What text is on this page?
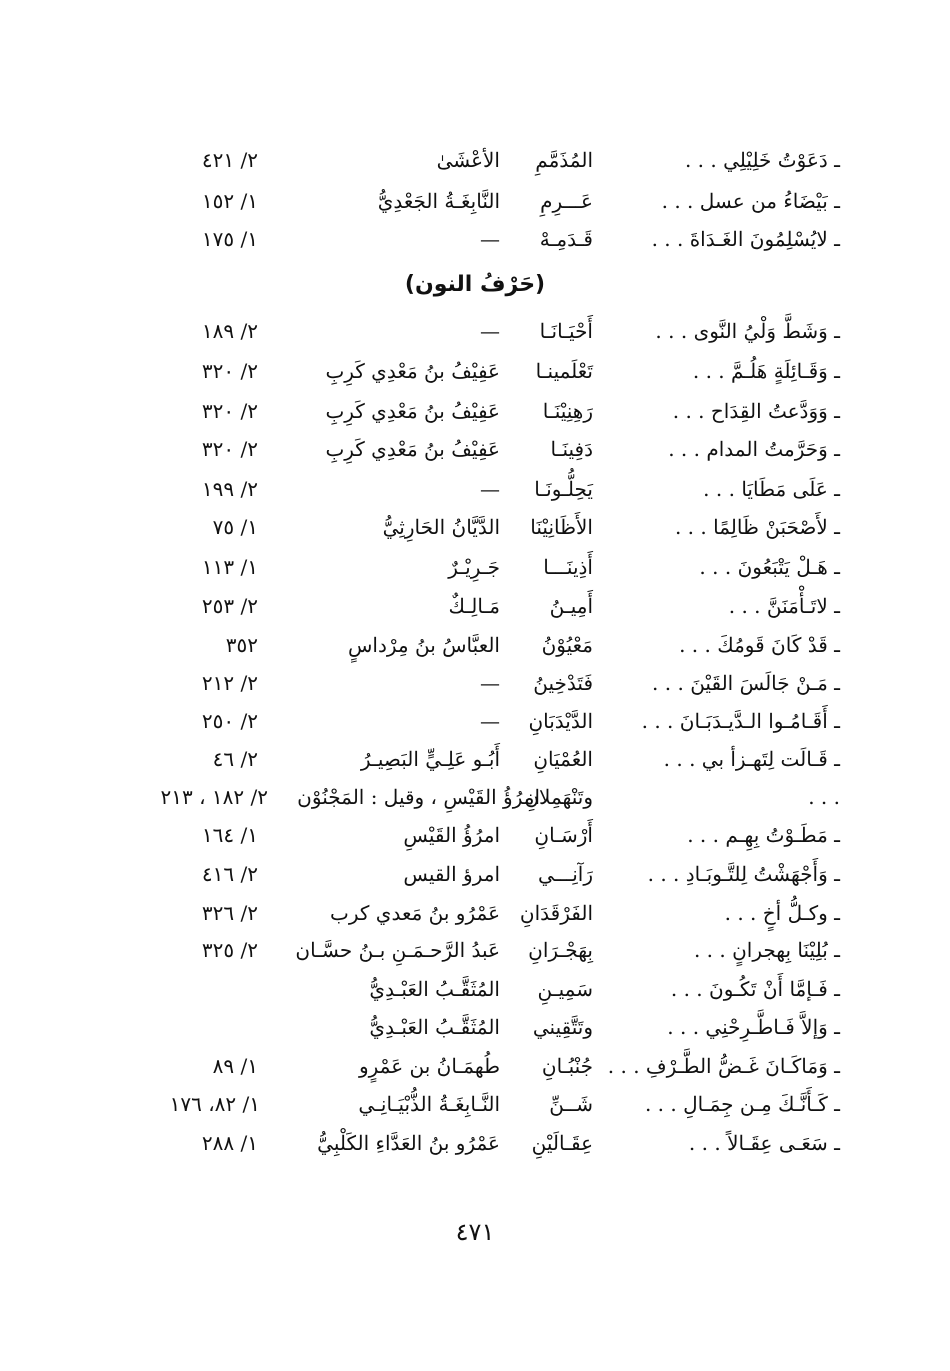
ـ دَعَوْتُ خَلِيْلِي . . .
المُذَمَّمِ
الأعْشَىٰ
٢/ ٤٢١
ـ بَيْضَاءُ من عسل . . .
عَـــرِمِ
النَّابِغَـةُ الجَعْدِيُّ
١/ ١٥٢
ـ لايُسْلِمُونَ الغَـدَاةَ . . .
قَـدَمِـهْ
—
١/ ١٧٥
(حَرْفُ النون)
ـ وَشَطَّ وَلْيُ النَّوى . . .
أَحْيَـانَـا
—
٢/ ١٨٩
ـ وَقَـائِلَةٍ هَلُـمَّ . . .
تَعْلَمينـا
عَفِيْفُ بنُ مَعْدِي كَرِبِ
٢/ ٣٢٠
ـ وَوَدَّعتُ القِدَاح . . .
رَهِنِيْنَـا
عَفِيْفُ بنُ مَعْدِي كَرِبِ
٢/ ٣٢٠
ـ وَحَرَّمتُ المدام . . .
دَفِينَـا
عَفِيْفُ بنُ مَعْدِي كَرِبِ
٢/ ٣٢٠
ـ عَلَى مَطَايَا . . .
يَحِلُّـونَـا
—
٢/ ١٩٩
ـ لأَصْحَبَنْ ظَالِمًا . . .
الأَظَانِيْنَا
الدَّيَّانُ الحَارِثِيُّ
١/ ٧٥
ـ هَـلْ يَتْبَعُونَ . . .
أَذِينَـــا
جَـرِيْـرٌ
١/ ١١٣
ـ لاتَـأْمَنَنَّ . . .
أَمِيـنُ
مَـالِـكٌ
٢/ ٢٥٣
ـ قَدْ كَانَ قَومُكَ . . .
مَعْيُوْنُ
العبَّاسُ بنُ مِرْداسٍ
٣٥٢
ـ مَـنْ جَالَسَ القَيْنَ . . .
فَتَدْخِينُ
—
٢/ ٢١٢
ـ أَقَـامُـوا الـدَّيـدَبَـانَ . . .
الدَّيْدَبَانِ
—
٢/ ٢٥٠
ـ قَـالَت لِتَهـزأ بي . . .
العُمْيَانِ
أَبُـو عَلِـيٍّ البَصِيـرُ
٢/ ٤٦
. . .
وتَنْهَمِلانِ
امرُؤُ القَيْسِ ، وقيل : المَجْنُوْن
٢/ ١٨٢ ، ٢١٣
ـ مَطَـوْتُ بِهِـم . . .
أَرْسَـانِ
امرُؤُ القَيْسِ
١/ ١٦٤
ـ وَأَجْهَشْتُ لِلتَّـوبَـادِ . . .
رَآنِـــي
امرؤ القيس
٢/ ٤١٦
ـ وكـلُّ أخٍ . . .
الفَرْقَدَانِ
عَمْرُو بنُ مَعدي كرب
٢/ ٣٢٦
ـ بُلِيْنَا بِهجرانٍ . . .
بِهَجْـرَانِ
عَبدُ الرَّحـمَـنِ بـنُ حسَّـان
٢/ ٣٢٥
ـ فَـإمَّا أَنْ تَكُـونَ . . .
سَمِيـنِ
المُثَقَّـبُ العَبْـدِيُّ
ـ وَإلاَّ فَـاطَّـرِحْنِي . . .
وتَتَّقِيني
المُثَقَّـبُ العَبْـدِيُّ
ـ وَمَاكَـانَ غَـضُّ الطَّـرْفِ . . .
جُنْبُـانِ
طُهمَـانُ بن عَمْرٍو
١/ ٨٩
ـ كَـأَنَّـكَ مِـن جِمَـالِ . . .
شَــنِّ
النَّـابِغَـةُ الذُّبْيَـانِـي
١/ ٨٢، ١٧٦
ـ سَعَـى عِقَـالاً . . .
عِقَـالَيْنِ
عَمْرُو بنُ العَدَّاءِ الكَلْبِيُّ
١/ ٢٨٨
٤٧١
